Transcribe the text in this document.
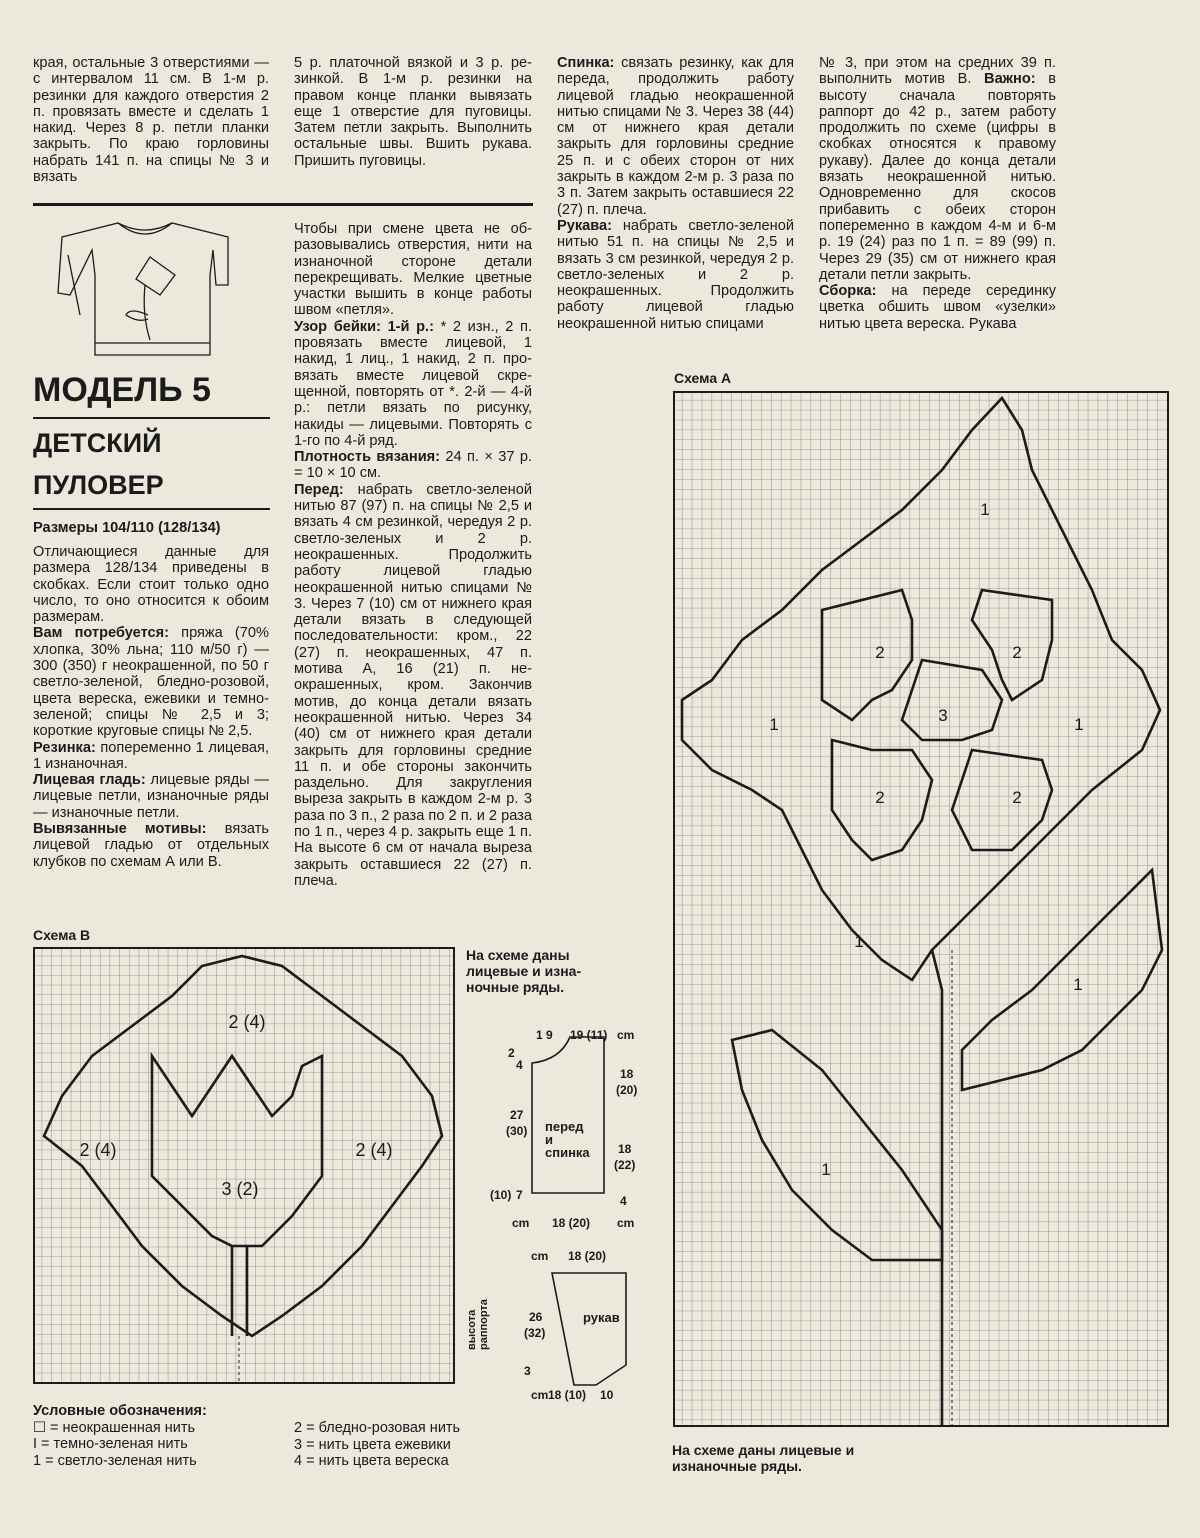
края, остальные 3 отверстиями — с интервалом 11 см. В 1-м р. резинки для каждого отверстия 2 п. провязать вместе и сделать 1 накид. Через 8 р. петли планки закрыть. По краю горловины набрать 141 п. на спицы № 3 и вязать
5 р. платочной вязкой и 3 р. резинкой. В 1-м р. резинки на правом конце планки вывязать еще 1 отверстие для пуговицы. Затем петли закрыть. Выполнить остальные швы. Вшить рукава. Пришить пуговицы.
МОДЕЛЬ 5
ДЕТСКИЙ
ПУЛОВЕР
Размеры 104/110 (128/134)

Отличающиеся данные для размера 128/134 приведены в скобках. Если стоит только одно число, то оно относится к обоим размерам.

Вам потребуется: пряжа (70% хлопка, 30% льна; 110 м/50 г) — 300 (350) г неокрашенной, по 50 г светло-зеленой, бледно-розовой, цвета вереска, ежевики и темно-зеленой; спицы № 2,5 и 3; короткие круговые спицы № 2,5.

Резинка: попеременно 1 лицевая, 1 изнаночная.

Лицевая гладь: лицевые ряды — лицевые петли, изнаночные ряды — изнаночные петли.

Вывязанные мотивы: вязать лицевой гладью от отдельных клубков по схемам А или В.

Чтобы при смене цвета не образовывались отверстия, нити на изнаночной стороне детали перекрещивать. Мелкие цветные участки вышить в конце работы швом «петля».

Узор бейки: 1-й р.: * 2 изн., 2 п. провязать вместе лицевой, 1 накид, 1 лиц., 1 накид, 2 п. провязать вместе лицевой скрещенной, повторять от *. 2-й — 4-й р.: петли вязать по рисунку, накиды — лицевыми. Повторять с 1-го по 4-й ряд.

Плотность вязания: 24 п. × 37 р. = 10 × 10 см.

Перед: набрать светло-зеленой нитью 87 (97) п. на спицы № 2,5 и вязать 4 см резинкой, чередуя 2 р. светло-зеленых и 2 р. неокрашенных. Продолжить работу лицевой гладью неокрашенной нитью спицами № 3. Через 7 (10) см от нижнего края детали вязать в следующей последовательности: кром., 22 (27) п. неокрашенных, 47 п. мотива А, 16 (21) п. неокрашенных, кром. Закончив мотив, до конца детали вязать неокрашенной нитью. Через 34 (40) см от нижнего края детали закрыть для горловины средние 11 п. и обе стороны закончить раздельно. Для закругления выреза закрыть в каждом 2-м р. 3 раза по 3 п., 2 раза по 2 п. и 2 раза по 1 п., через 4 р. закрыть еще 1 п. На высоте 6 см от начала выреза закрыть оставшиеся 22 (27) п. плеча.

Спинка: связать резинку, как для переда, продолжить работу лицевой гладью неокрашенной нитью спицами № 3. Через 38 (44) см от нижнего края детали закрыть для горловины средние 25 п. и с обеих сторон от них закрыть в каждом 2-м р. 3 раза по 3 п. Затем закрыть оставшиеся 22 (27) п. плеча.

Рукава: набрать светло-зеленой нитью 51 п. на спицы № 2,5 и вязать 3 см резинкой, чередуя 2 р. светло-зеленых и 2 р. неокрашенных. Продолжить работу лицевой гладью неокрашенной нитью спицами

№ 3, при этом на средних 39 п. выполнить мотив В. Важно: в высоту сначала повторять раппорт до 42 р., затем работу продолжить по схеме (цифры в скобках относятся к правому рукаву). Далее до конца детали вязать неокрашенной нитью. Одновременно для скосов прибавить с обеих сторон попеременно в каждом 4-м и 6-м р. 19 (24) раз по 1 п. = 89 (99) п. Через 29 (35) см от нижнего края детали петли закрыть.

Сборка: на переде серединку цветка обшить швом «узелки» нитью цвета вереска. Рукава

Схема А
1
2	2
3
1	1
2	2
1
1
1
На схеме даны лицевые и изнаночные ряды.
Схема В
2 (4)
2 (4)	2 (4)
3 (2)
высота раппорта
На схеме даны лицевые и изнаночные ряды.
1 9 19 (11) cm
2
4
18
(20)
27
(30)
18
(22)
(10) 7	4
cm 18 (20) cm
cm 18 (20)
26
(32)
3
cm 18 (10) 10
перед и спинка
рукав
Условные обозначения:
☐ = неокрашенная нить
I = темно-зеленая нить
1 = светло-зеленая нить
2 = бледно-розовая нить
3 = нить цвета ежевики
4 = нить цвета вереска
